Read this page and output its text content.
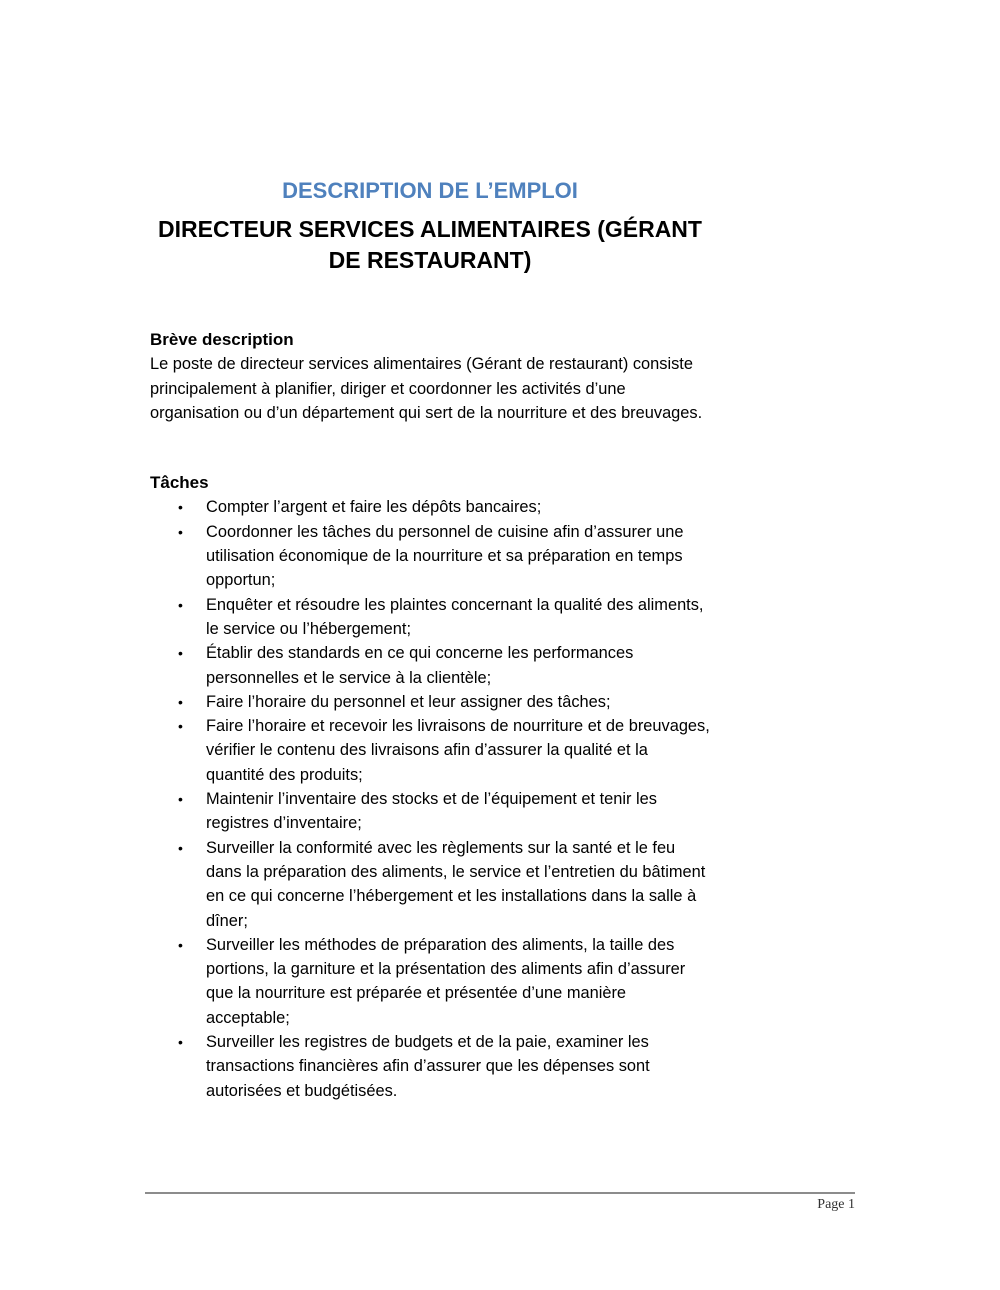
DESCRIPTION DE L’EMPLOI
DIRECTEUR SERVICES ALIMENTAIRES (GÉRANT DE RESTAURANT)
Brève description

Le poste de directeur services alimentaires (Gérant de restaurant) consiste principalement à planifier, diriger et coordonner les activités d’une organisation ou d’un département qui sert de la nourriture et des breuvages.

Tâches
• Compter l’argent et faire les dépôts bancaires;
• Coordonner les tâches du personnel de cuisine afin d’assurer une utilisation économique de la nourriture et sa préparation en temps opportun;
• Enquêter et résoudre les plaintes concernant la qualité des aliments, le service ou l’hébergement;
• Établir des standards en ce qui concerne les performances personnelles et le service à la clientèle;
• Faire l’horaire du personnel et leur assigner des tâches;
• Faire l’horaire et recevoir les livraisons de nourriture et de breuvages, vérifier le contenu des livraisons afin d’assurer la qualité et la quantité des produits;
• Maintenir l’inventaire des stocks et de l’équipement et tenir les registres d’inventaire;
• Surveiller la conformité avec les règlements sur la santé et le feu dans la préparation des aliments, le service et l’entretien du bâtiment en ce qui concerne l’hébergement et les installations dans la salle à dîner;
• Surveiller les méthodes de préparation des aliments, la taille des portions, la garniture et la présentation des aliments afin d’assurer que la nourriture est préparée et présentée d’une manière acceptable;
• Surveiller les registres de budgets et de la paie, examiner les transactions financières afin d’assurer que les dépenses sont autorisées et budgétisées.
Page 1
